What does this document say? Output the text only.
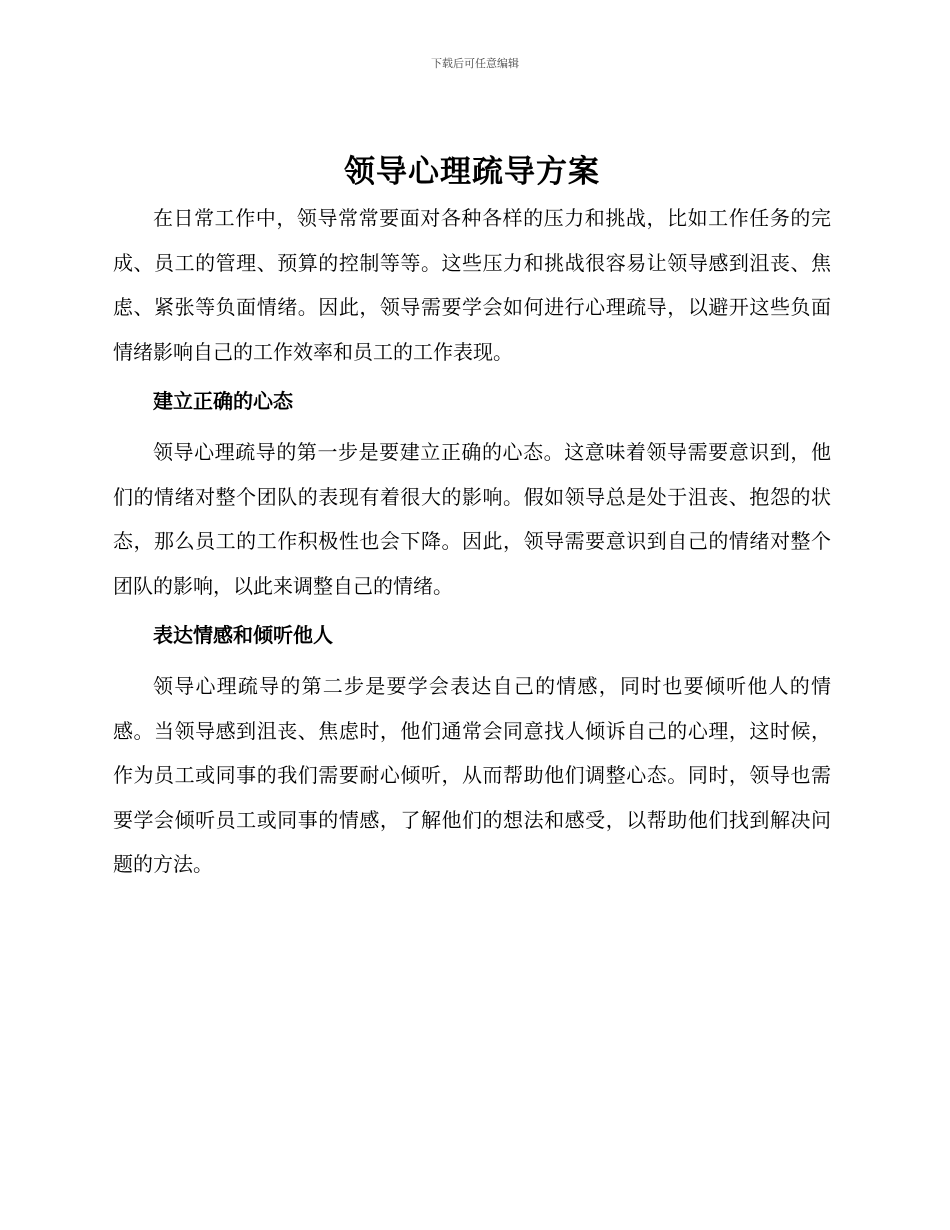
下载后可任意编辑
领导心理疏导方案

在日常工作中，领导常常要面对各种各样的压力和挑战，比如工作任务的完成、员工的管理、预算的控制等等。这些压力和挑战很容易让领导感到沮丧、焦虑、紧张等负面情绪。因此，领导需要学会如何进行心理疏导，以避开这些负面情绪影响自己的工作效率和员工的工作表现。

建立正确的心态

领导心理疏导的第一步是要建立正确的心态。这意味着领导需要意识到，他们的情绪对整个团队的表现有着很大的影响。假如领导总是处于沮丧、抱怨的状态，那么员工的工作积极性也会下降。因此，领导需要意识到自己的情绪对整个团队的影响，以此来调整自己的情绪。

表达情感和倾听他人

领导心理疏导的第二步是要学会表达自己的情感，同时也要倾听他人的情感。当领导感到沮丧、焦虑时，他们通常会同意找人倾诉自己的心理，这时候，作为员工或同事的我们需要耐心倾听，从而帮助他们调整心态。同时，领导也需要学会倾听员工或同事的情感，了解他们的想法和感受，以帮助他们找到解决问题的方法。
